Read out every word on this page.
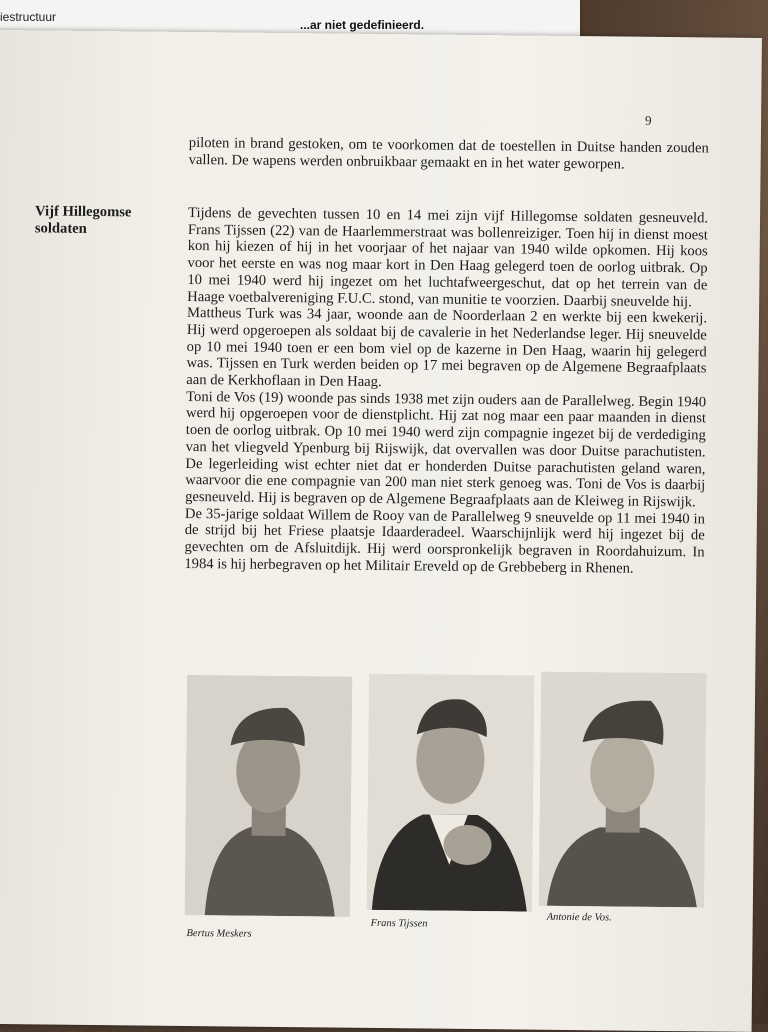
iestructuur
...ar niet gedefinieerd.
9

piloten in brand gestoken, om te voorkomen dat de toestellen in Duitse handen zouden vallen. De wapens werden onbruikbaar gemaakt en in het water geworpen.

Vijf Hillegomse soldaten

Tijdens de gevechten tussen 10 en 14 mei zijn vijf Hillegomse soldaten gesneuveld. Frans Tijssen (22) van de Haarlemmerstraat was bollenreiziger. Toen hij in dienst moest kon hij kiezen of hij in het voorjaar of het najaar van 1940 wilde opkomen. Hij koos voor het eerste en was nog maar kort in Den Haag gelegerd toen de oorlog uitbrak. Op 10 mei 1940 werd hij ingezet om het luchtafweergeschut, dat op het terrein van de Haage voetbalvereniging F.U.C. stond, van munitie te voorzien. Daarbij sneuvelde hij.

Mattheus Turk was 34 jaar, woonde aan de Noorderlaan 2 en werkte bij een kwekerij. Hij werd opgeroepen als soldaat bij de cavalerie in het Nederlandse leger. Hij sneuvelde op 10 mei 1940 toen er een bom viel op de kazerne in Den Haag, waarin hij gelegerd was. Tijssen en Turk werden beiden op 17 mei begraven op de Algemene Begraafplaats aan de Kerkhoflaan in Den Haag.

Toni de Vos (19) woonde pas sinds 1938 met zijn ouders aan de Parallelweg. Begin 1940 werd hij opgeroepen voor de dienstplicht. Hij zat nog maar een paar maanden in dienst toen de oorlog uitbrak. Op 10 mei 1940 werd zijn compagnie ingezet bij de verdediging van het vliegveld Ypenburg bij Rijswijk, dat overvallen was door Duitse parachutisten. De legerleiding wist echter niet dat er honderden Duitse parachutisten geland waren, waarvoor die ene compagnie van 200 man niet sterk genoeg was. Toni de Vos is daarbij gesneuveld. Hij is begraven op de Algemene Begraafplaats aan de Kleiweg in Rijswijk.

De 35-jarige soldaat Willem de Rooy van de Parallelweg 9 sneuvelde op 11 mei 1940 in de strijd bij het Friese plaatsje Idaarderadeel. Waarschijnlijk werd hij ingezet bij de gevechten om de Afsluitdijk. Hij werd oorspronkelijk begraven in Roordahuizum. In 1984 is hij herbegraven op het Militair Ereveld op de Grebbeberg in Rhenen.

Bertus Meskers
Frans Tijssen
Antonie de Vos.
